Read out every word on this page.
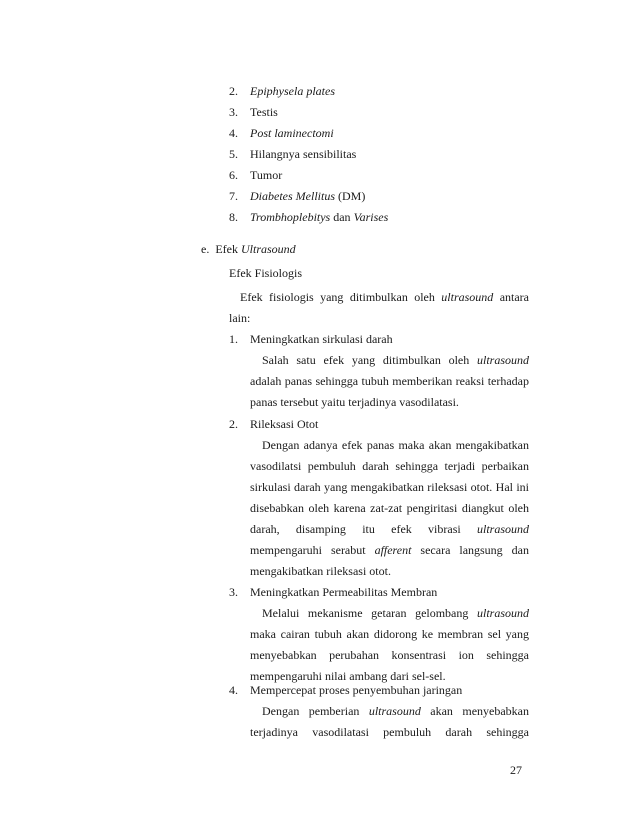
2. Epiphysela plates
3. Testis
4. Post laminectomi
5. Hilangnya sensibilitas
6. Tumor
7. Diabetes Mellitus (DM)
8. Trombhoplebitys dan Varises
e. Efek Ultrasound
Efek Fisiologis
Efek fisiologis yang ditimbulkan oleh ultrasound antara
lain:
1. Meningkatkan sirkulasi darah
Salah satu efek yang ditimbulkan oleh ultrasound
adalah panas sehingga tubuh memberikan reaksi terhadap
panas tersebut yaitu terjadinya vasodilatasi.
2. Rileksasi Otot
Dengan adanya efek panas maka akan mengakibatkan
vasodilatsi pembuluh darah sehingga terjadi perbaikan
sirkulasi darah yang mengakibatkan rileksasi otot. Hal ini
disebabkan oleh karena zat-zat pengiritasi diangkut oleh
darah, disamping itu efek vibrasi ultrasound
mempengaruhi serabut afferent secara langsung dan
mengakibatkan rileksasi otot.
3. Meningkatkan Permeabilitas Membran
Melalui mekanisme getaran gelombang ultrasound
maka cairan tubuh akan didorong ke membran sel yang
menyebabkan perubahan konsentrasi ion sehingga
mempengaruhi nilai ambang dari sel-sel.
4. Mempercepat proses penyembuhan jaringan
Dengan pemberian ultrasound akan menyebabkan
terjadinya vasodilatasi pembuluh darah sehingga
27
